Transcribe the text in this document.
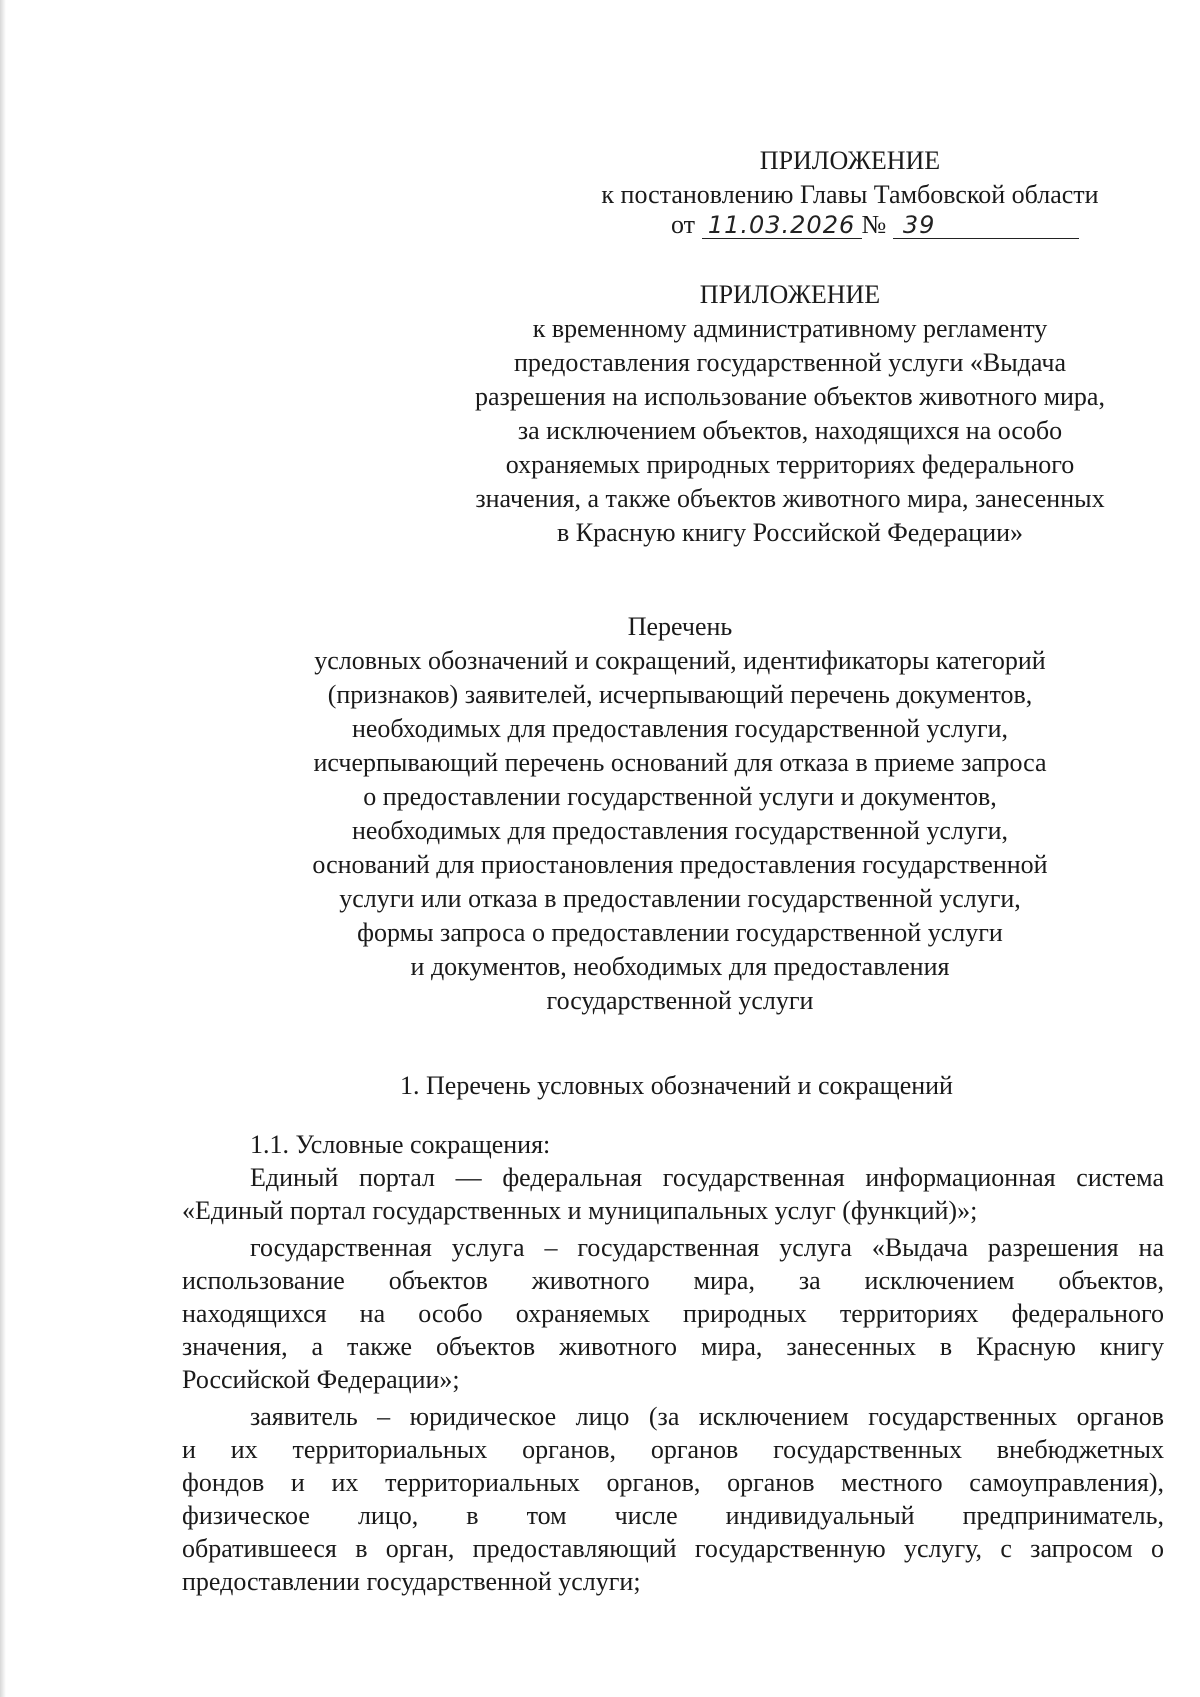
ПРИЛОЖЕНИЕ
к постановлению Главы Тамбовской области
от 11.03.2026 № 39
ПРИЛОЖЕНИЕ
к временному административному регламенту
предоставления государственной услуги «Выдача
разрешения на использование объектов животного мира,
за исключением объектов, находящихся на особо
охраняемых природных территориях федерального
значения, а также объектов животного мира, занесенных
в Красную книгу Российской Федерации»
Перечень
условных обозначений и сокращений, идентификаторы категорий
(признаков) заявителей, исчерпывающий перечень документов,
необходимых для предоставления государственной услуги,
исчерпывающий перечень оснований для отказа в приеме запроса
о предоставлении государственной услуги и документов,
необходимых для предоставления государственной услуги,
оснований для приостановления предоставления государственной
услуги или отказа в предоставлении государственной услуги,
формы запроса о предоставлении государственной услуги
и документов, необходимых для предоставления
государственной услуги
1. Перечень условных обозначений и сокращений

1.1. Условные сокращения:

Единый портал — федеральная государственная информационная система

«Единый портал государственных и муниципальных услуг (функций)»;

государственная услуга – государственная услуга «Выдача разрешения на

использование объектов животного мира, за исключением объектов,

находящихся на особо охраняемых природных территориях федерального

значения, а также объектов животного мира, занесенных в Красную книгу

Российской Федерации»;

заявитель – юридическое лицо (за исключением государственных органов

и их территориальных органов, органов государственных внебюджетных

фондов и их территориальных органов, органов местного самоуправления),

физическое лицо, в том числе индивидуальный предприниматель,

обратившееся в орган, предоставляющий государственную услугу, с запросом о

предоставлении государственной услуги;
